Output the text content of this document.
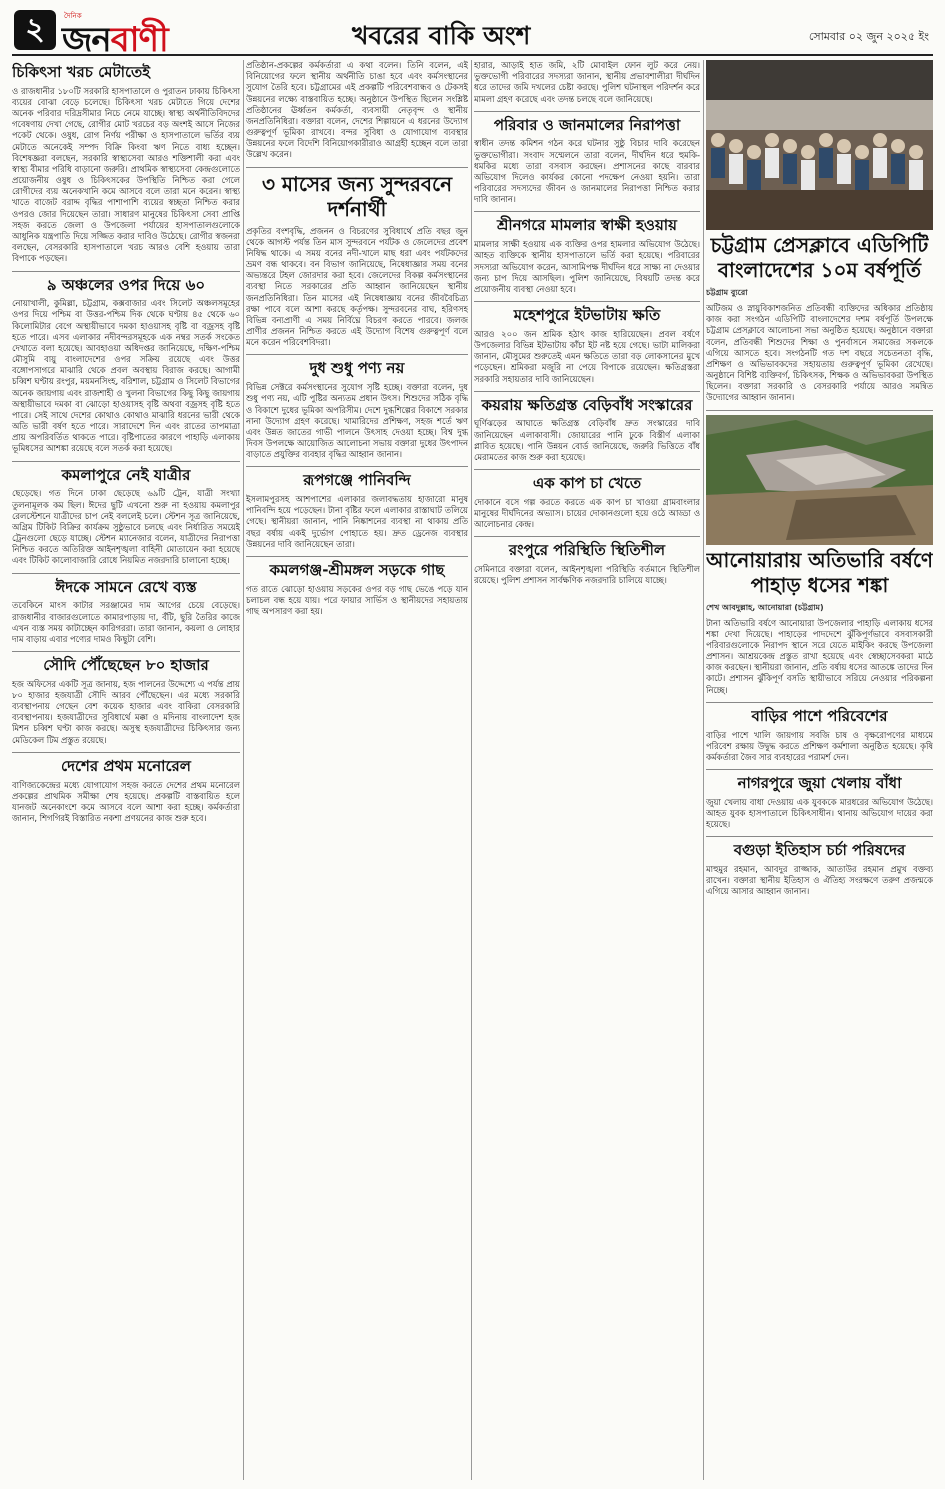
২	দৈনিক
জনবাণী	খবরের বাকি অংশ	সোমবার ০২ জুন ২০২৫ ইং
চিকিৎসা খরচ মেটাতেই
ও রাজধানীর ১৮০টি সরকারি হাসপাতালে ও পুরাতন ঢাকায় চিকিৎসা ব্যয়ের বোঝা বেড়ে চলেছে। চিকিৎসা খরচ মেটাতে গিয়ে দেশের অনেক পরিবার দরিদ্রসীমার নিচে নেমে যাচ্ছে। স্বাস্থ্য অর্থনীতিবিদদের গবেষণায় দেখা গেছে, রোগীর মোট খরচের বড় অংশই আসে নিজের পকেট থেকে। ওষুধ, রোগ নির্ণয় পরীক্ষা ও হাসপাতালে ভর্তির ব্যয় মেটাতে অনেকেই সম্পদ বিক্রি কিংবা ঋণ নিতে বাধ্য হচ্ছেন। বিশেষজ্ঞরা বলছেন, সরকারি স্বাস্থ্যসেবা আরও শক্তিশালী করা এবং স্বাস্থ্য বীমার পরিধি বাড়ানো জরুরি। প্রাথমিক স্বাস্থ্যসেবা কেন্দ্রগুলোতে প্রয়োজনীয় ওষুধ ও চিকিৎসকের উপস্থিতি নিশ্চিত করা গেলে রোগীদের ব্যয় অনেকখানি কমে আসবে বলে তারা মনে করেন। স্বাস্থ্য খাতে বাজেট বরাদ্দ বৃদ্ধির পাশাপাশি ব্যয়ের স্বচ্ছতা নিশ্চিত করার ওপরও জোর দিয়েছেন তারা। সাধারণ মানুষের চিকিৎসা সেবা প্রাপ্তি সহজ করতে জেলা ও উপজেলা পর্যায়ের হাসপাতালগুলোকে আধুনিক যন্ত্রপাতি দিয়ে সজ্জিত করার দাবিও উঠেছে। রোগীর স্বজনরা বলছেন, বেসরকারি হাসপাতালে খরচ আরও বেশি হওয়ায় তারা বিপাকে পড়ছেন।
৯ অঞ্চলের ওপর দিয়ে ৬০
নোয়াখালী, কুমিল্লা, চট্টগ্রাম, কক্সবাজার এবং সিলেট অঞ্চলসমূহের ওপর দিয়ে পশ্চিম বা উত্তর-পশ্চিম দিক থেকে ঘণ্টায় ৪৫ থেকে ৬০ কিলোমিটার বেগে অস্থায়ীভাবে দমকা হাওয়াসহ বৃষ্টি বা বজ্রসহ বৃষ্টি হতে পারে। এসব এলাকার নদীবন্দরসমূহকে এক নম্বর সতর্ক সংকেত দেখাতে বলা হয়েছে। আবহাওয়া অধিদপ্তর জানিয়েছে, দক্ষিণ-পশ্চিম মৌসুমি বায়ু বাংলাদেশের ওপর সক্রিয় রয়েছে এবং উত্তর বঙ্গোপসাগরে মাঝারি থেকে প্রবল অবস্থায় বিরাজ করছে। আগামী চব্বিশ ঘণ্টায় রংপুর, ময়মনসিংহ, বরিশাল, চট্টগ্রাম ও সিলেট বিভাগের অনেক জায়গায় এবং রাজশাহী ও খুলনা বিভাগের কিছু কিছু জায়গায় অস্থায়ীভাবে দমকা বা ঝোড়ো হাওয়াসহ বৃষ্টি অথবা বজ্রসহ বৃষ্টি হতে পারে। সেই সাথে দেশের কোথাও কোথাও মাঝারি ধরনের ভারী থেকে অতি ভারী বর্ষণ হতে পারে। সারাদেশে দিন এবং রাতের তাপমাত্রা প্রায় অপরিবর্তিত থাকতে পারে। বৃষ্টিপাতের কারণে পাহাড়ি এলাকায় ভূমিধসের আশঙ্কা রয়েছে বলে সতর্ক করা হয়েছে।
কমলাপুরে নেই যাত্রীর
ছেড়েছে। গত দিনে ঢাকা ছেড়েছে ৬৯টি ট্রেন, যাত্রী সংখ্যা তুলনামূলক কম ছিল। ঈদের ছুটি এখনো শুরু না হওয়ায় কমলাপুর রেলস্টেশনে যাত্রীদের চাপ নেই বললেই চলে। স্টেশন সূত্র জানিয়েছে, অগ্রিম টিকিট বিক্রির কার্যক্রম সুষ্ঠুভাবে চলছে এবং নির্ধারিত সময়েই ট্রেনগুলো ছেড়ে যাচ্ছে। স্টেশন ম্যানেজার বলেন, যাত্রীদের নিরাপত্তা নিশ্চিত করতে অতিরিক্ত আইনশৃঙ্খলা বাহিনী মোতায়েন করা হয়েছে এবং টিকিট কালোবাজারি রোধে নিয়মিত নজরদারি চালানো হচ্ছে।
ঈদকে সামনে রেখে ব্যস্ত
তবেকিনে মাংস কাটার সরঞ্জামের দাম আগের চেয়ে বেড়েছে। রাজধানীর বাজারগুলোতে কামারপাড়ায় দা, বঁটি, ছুরি তৈরির কাজে এখন ব্যস্ত সময় কাটাচ্ছেন কারিগররা। তারা জানান, কয়লা ও লোহার দাম বাড়ায় এবার পণ্যের দামও কিছুটা বেশি।
সৌদি পৌঁছেছেন ৮০ হাজার
হজ অফিসের একটি সূত্র জানায়, হজ পালনের উদ্দেশ্যে এ পর্যন্ত প্রায় ৮০ হাজার হজযাত্রী সৌদি আরব পৌঁছেছেন। এর মধ্যে সরকারি ব্যবস্থাপনায় গেছেন বেশ কয়েক হাজার এবং বাকিরা বেসরকারি ব্যবস্থাপনায়। হজযাত্রীদের সুবিধার্থে মক্কা ও মদিনায় বাংলাদেশ হজ মিশন চব্বিশ ঘণ্টা কাজ করছে। অসুস্থ হজযাত্রীদের চিকিৎসার জন্য মেডিকেল টিম প্রস্তুত রয়েছে।
দেশের প্রথম মনোরেল
বাণিজ্যকেন্দ্রের মধ্যে যোগাযোগ সহজ করতে দেশের প্রথম মনোরেল প্রকল্পের প্রাথমিক সমীক্ষা শেষ হয়েছে। প্রকল্পটি বাস্তবায়িত হলে যানজট অনেকাংশে কমে আসবে বলে আশা করা হচ্ছে। কর্মকর্তারা জানান, শিগগিরই বিস্তারিত নকশা প্রণয়নের কাজ শুরু হবে।
প্রতিষ্ঠান-প্রকল্পের কর্মকর্তারা এ কথা বলেন। তিনি বলেন, এই বিনিয়োগের ফলে স্থানীয় অর্থনীতি চাঙা হবে এবং কর্মসংস্থানের সুযোগ তৈরি হবে। চট্টগ্রামের এই প্রকল্পটি পরিবেশবান্ধব ও টেকসই উন্নয়নের লক্ষ্যে বাস্তবায়িত হচ্ছে। অনুষ্ঠানে উপস্থিত ছিলেন সংশ্লিষ্ট প্রতিষ্ঠানের ঊর্ধ্বতন কর্মকর্তা, ব্যবসায়ী নেতৃবৃন্দ ও স্থানীয় জনপ্রতিনিধিরা। বক্তারা বলেন, দেশের শিল্পায়নে এ ধরনের উদ্যোগ গুরুত্বপূর্ণ ভূমিকা রাখবে। বন্দর সুবিধা ও যোগাযোগ ব্যবস্থার উন্নয়নের ফলে বিদেশি বিনিয়োগকারীরাও আগ্রহী হচ্ছেন বলে তারা উল্লেখ করেন।
৩ মাসের জন্য সুন্দরবনে দর্শনার্থী
প্রকৃতির বংশবৃদ্ধি, প্রজনন ও বিচরণের সুবিধার্থে প্রতি বছর জুন থেকে আগস্ট পর্যন্ত তিন মাস সুন্দরবনে পর্যটক ও জেলেদের প্রবেশ নিষিদ্ধ থাকে। এ সময় বনের নদী-খালে মাছ ধরা এবং পর্যটকদের ভ্রমণ বন্ধ থাকবে। বন বিভাগ জানিয়েছে, নিষেধাজ্ঞার সময় বনের অভ্যন্তরে টহল জোরদার করা হবে। জেলেদের বিকল্প কর্মসংস্থানের ব্যবস্থা নিতে সরকারের প্রতি আহ্বান জানিয়েছেন স্থানীয় জনপ্রতিনিধিরা। তিন মাসের এই নিষেধাজ্ঞায় বনের জীববৈচিত্র্য রক্ষা পাবে বলে আশা করছে কর্তৃপক্ষ। সুন্দরবনের বাঘ, হরিণসহ বিভিন্ন বন্যপ্রাণী এ সময় নির্বিঘ্নে বিচরণ করতে পারবে। জলজ প্রাণীর প্রজনন নিশ্চিত করতে এই উদ্যোগ বিশেষ গুরুত্বপূর্ণ বলে মনে করেন পরিবেশবিদরা।
দুধ শুধু পণ্য নয়
বিভিন্ন সেক্টরে কর্মসংস্থানের সুযোগ সৃষ্টি হচ্ছে। বক্তারা বলেন, দুধ শুধু পণ্য নয়, এটি পুষ্টির অন্যতম প্রধান উৎস। শিশুদের সঠিক বৃদ্ধি ও বিকাশে দুধের ভূমিকা অপরিসীম। দেশে দুগ্ধশিল্পের বিকাশে সরকার নানা উদ্যোগ গ্রহণ করেছে। খামারিদের প্রশিক্ষণ, সহজ শর্তে ঋণ এবং উন্নত জাতের গাভী পালনে উৎসাহ দেওয়া হচ্ছে। বিশ্ব দুগ্ধ দিবস উপলক্ষে আয়োজিত আলোচনা সভায় বক্তারা দুধের উৎপাদন বাড়াতে প্রযুক্তির ব্যবহার বৃদ্ধির আহ্বান জানান।
রূপগঞ্জে পানিবন্দি
ইসলামপুরসহ আশপাশের এলাকার জলাবদ্ধতায় হাজারো মানুষ পানিবন্দি হয়ে পড়েছেন। টানা বৃষ্টির ফলে এলাকার রাস্তাঘাট তলিয়ে গেছে। স্থানীয়রা জানান, পানি নিষ্কাশনের ব্যবস্থা না থাকায় প্রতি বছর বর্ষায় একই দুর্ভোগ পোহাতে হয়। দ্রুত ড্রেনেজ ব্যবস্থার উন্নয়নের দাবি জানিয়েছেন তারা।
কমলগঞ্জ-শ্রীমঙ্গল সড়কে গাছ
গত রাতে ঝোড়ো হাওয়ায় সড়কের ওপর বড় গাছ ভেঙে পড়ে যান চলাচল বন্ধ হয়ে যায়। পরে ফায়ার সার্ভিস ও স্থানীয়দের সহায়তায় গাছ অপসারণ করা হয়।
হারার, আড়াই হাত জমি, ২টি মোবাইল ফোন লুট করে নেয়। ভুক্তভোগী পরিবারের সদস্যরা জানান, স্থানীয় প্রভাবশালীরা দীর্ঘদিন ধরে তাদের জমি দখলের চেষ্টা করছে। পুলিশ ঘটনাস্থল পরিদর্শন করে মামলা গ্রহণ করেছে এবং তদন্ত চলছে বলে জানিয়েছে।
পরিবার ও জানমালের নিরাপত্তা
স্বাধীন তদন্ত কমিশন গঠন করে ঘটনার সুষ্ঠু বিচার দাবি করেছেন ভুক্তভোগীরা। সংবাদ সম্মেলনে তারা বলেন, দীর্ঘদিন ধরে হুমকি-ধমকির মধ্যে তারা বসবাস করছেন। প্রশাসনের কাছে বারবার অভিযোগ দিলেও কার্যকর কোনো পদক্ষেপ নেওয়া হয়নি। তারা পরিবারের সদস্যদের জীবন ও জানমালের নিরাপত্তা নিশ্চিত করার দাবি জানান।
শ্রীনগরে মামলার স্বাক্ষী হওয়ায়
মামলার সাক্ষী হওয়ায় এক ব্যক্তির ওপর হামলার অভিযোগ উঠেছে। আহত ব্যক্তিকে স্থানীয় হাসপাতালে ভর্তি করা হয়েছে। পরিবারের সদস্যরা অভিযোগ করেন, আসামিপক্ষ দীর্ঘদিন ধরে সাক্ষ্য না দেওয়ার জন্য চাপ দিয়ে আসছিল। পুলিশ জানিয়েছে, বিষয়টি তদন্ত করে প্রয়োজনীয় ব্যবস্থা নেওয়া হবে।
মহেশপুরে ইটভাটায় ক্ষতি
আরও ২০০ জন শ্রমিক হঠাৎ কাজ হারিয়েছেন। প্রবল বর্ষণে উপজেলার বিভিন্ন ইটভাটায় কাঁচা ইট নষ্ট হয়ে গেছে। ভাটা মালিকরা জানান, মৌসুমের শুরুতেই এমন ক্ষতিতে তারা বড় লোকসানের মুখে পড়েছেন। শ্রমিকরা মজুরি না পেয়ে বিপাকে রয়েছেন। ক্ষতিগ্রস্তরা সরকারি সহায়তার দাবি জানিয়েছেন।
কয়রায় ক্ষতিগ্রস্ত বেড়িবাঁধ সংস্কারের
ঘূর্ণিঝড়ের আঘাতে ক্ষতিগ্রস্ত বেড়িবাঁধ দ্রুত সংস্কারের দাবি জানিয়েছেন এলাকাবাসী। জোয়ারের পানি ঢুকে বিস্তীর্ণ এলাকা প্লাবিত হয়েছে। পানি উন্নয়ন বোর্ড জানিয়েছে, জরুরি ভিত্তিতে বাঁধ মেরামতের কাজ শুরু করা হয়েছে।
এক কাপ চা খেতে
দোকানে বসে গল্প করতে করতে এক কাপ চা খাওয়া গ্রামবাংলার মানুষের দীর্ঘদিনের অভ্যাস। চায়ের দোকানগুলো হয়ে ওঠে আড্ডা ও আলোচনার কেন্দ্র।
রংপুরে পরিস্থিতি স্থিতিশীল
সেমিনারে বক্তারা বলেন, আইনশৃঙ্খলা পরিস্থিতি বর্তমানে স্থিতিশীল রয়েছে। পুলিশ প্রশাসন সার্বক্ষণিক নজরদারি চালিয়ে যাচ্ছে।
চট্টগ্রাম প্রেসক্লাবে এডিপিটি বাংলাদেশের ১০ম বর্ষপূর্তি
চট্টগ্রাম ব্যুরো
অটিজম ও স্নায়ুবিকাশজনিত প্রতিবন্ধী ব্যক্তিদের অধিকার প্রতিষ্ঠায় কাজ করা সংগঠন এডিপিটি বাংলাদেশের দশম বর্ষপূর্তি উপলক্ষে চট্টগ্রাম প্রেসক্লাবে আলোচনা সভা অনুষ্ঠিত হয়েছে। অনুষ্ঠানে বক্তারা বলেন, প্রতিবন্ধী শিশুদের শিক্ষা ও পুনর্বাসনে সমাজের সকলকে এগিয়ে আসতে হবে। সংগঠনটি গত দশ বছরে সচেতনতা বৃদ্ধি, প্রশিক্ষণ ও অভিভাবকদের সহায়তায় গুরুত্বপূর্ণ ভূমিকা রেখেছে। অনুষ্ঠানে বিশিষ্ট ব্যক্তিবর্গ, চিকিৎসক, শিক্ষক ও অভিভাবকরা উপস্থিত ছিলেন। বক্তারা সরকারি ও বেসরকারি পর্যায়ে আরও সমন্বিত উদ্যোগের আহ্বান জানান।
আনোয়ারায় অতিভারি বর্ষণে পাহাড় ধসের শঙ্কা
শেখ আবদুল্লাহ, আনোয়ারা (চট্টগ্রাম)
টানা অতিভারি বর্ষণে আনোয়ারা উপজেলার পাহাড়ি এলাকায় ধসের শঙ্কা দেখা দিয়েছে। পাহাড়ের পাদদেশে ঝুঁকিপূর্ণভাবে বসবাসকারী পরিবারগুলোকে নিরাপদ স্থানে সরে যেতে মাইকিং করছে উপজেলা প্রশাসন। আশ্রয়কেন্দ্র প্রস্তুত রাখা হয়েছে এবং স্বেচ্ছাসেবকরা মাঠে কাজ করছেন। স্থানীয়রা জানান, প্রতি বর্ষায় ধসের আতঙ্কে তাদের দিন কাটে। প্রশাসন ঝুঁকিপূর্ণ বসতি স্থায়ীভাবে সরিয়ে নেওয়ার পরিকল্পনা নিচ্ছে।
বাড়ির পাশে পরিবেশের
বাড়ির পাশে খালি জায়গায় সবজি চাষ ও বৃক্ষরোপণের মাধ্যমে পরিবেশ রক্ষায় উদ্বুদ্ধ করতে প্রশিক্ষণ কর্মশালা অনুষ্ঠিত হয়েছে। কৃষি কর্মকর্তারা জৈব সার ব্যবহারের পরামর্শ দেন।
নাগরপুরে জুয়া খেলায় বাঁধা
জুয়া খেলায় বাধা দেওয়ায় এক যুবককে মারধরের অভিযোগ উঠেছে। আহত যুবক হাসপাতালে চিকিৎসাধীন। থানায় অভিযোগ দায়ের করা হয়েছে।
বগুড়া ইতিহাস চর্চা পরিষদের
মাহুমুর রহমান, আবদুর রাজ্জাক, আতাউর রহমান প্রমুখ বক্তব্য রাখেন। বক্তারা স্থানীয় ইতিহাস ও ঐতিহ্য সংরক্ষণে তরুণ প্রজন্মকে এগিয়ে আসার আহ্বান জানান।
